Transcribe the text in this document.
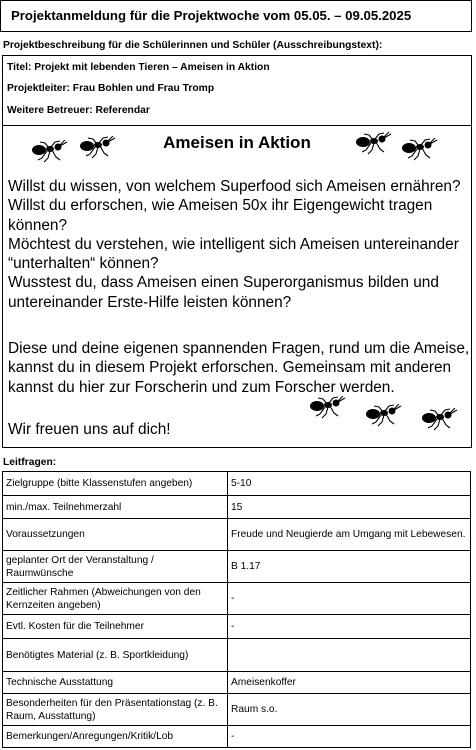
Projektanmeldung für die Projektwoche vom 05.05. – 09.05.2025
Projektbeschreibung für die Schülerinnen und Schüler (Ausschreibungstext):
Titel: Projekt mit lebenden Tieren – Ameisen in Aktion
Projektleiter: Frau Bohlen und Frau Tromp
Weitere Betreuer: Referendar
Ameisen in Aktion
Willst du wissen, von welchem Superfood sich Ameisen ernähren?
Willst du erforschen, wie Ameisen 50x ihr Eigengewicht tragen
können?
Möchtest du verstehen, wie intelligent sich Ameisen untereinander
“unterhalten“ können?
Wusstest du, dass Ameisen einen Superorganismus bilden und
untereinander Erste-Hilfe leisten können?
Diese und deine eigenen spannenden Fragen, rund um die Ameise,
kannst du in diesem Projekt erforschen. Gemeinsam mit anderen
kannst du hier zur Forscherin und zum Forscher werden.
Wir freuen uns auf dich!
Leitfragen:
Zielgruppe (bitte Klassenstufen angeben)	5-10
min./max. Teilnehmerzahl	15
Voraussetzungen	Freude und Neugierde am Umgang mit Lebewesen.
geplanter Ort der Veranstaltung / Raumwünsche	B 1.17
Zeitlicher Rahmen (Abweichungen von den Kernzeiten angeben)	-
Evtl. Kosten für die Teilnehmer	-
Benötigtes Material (z. B. Sportkleidung)	
Technische Ausstattung	Ameisenkoffer
Besonderheiten für den Präsentationstag (z. B. Raum, Ausstattung)	Raum s.o.
Bemerkungen/Anregungen/Kritik/Lob	-
